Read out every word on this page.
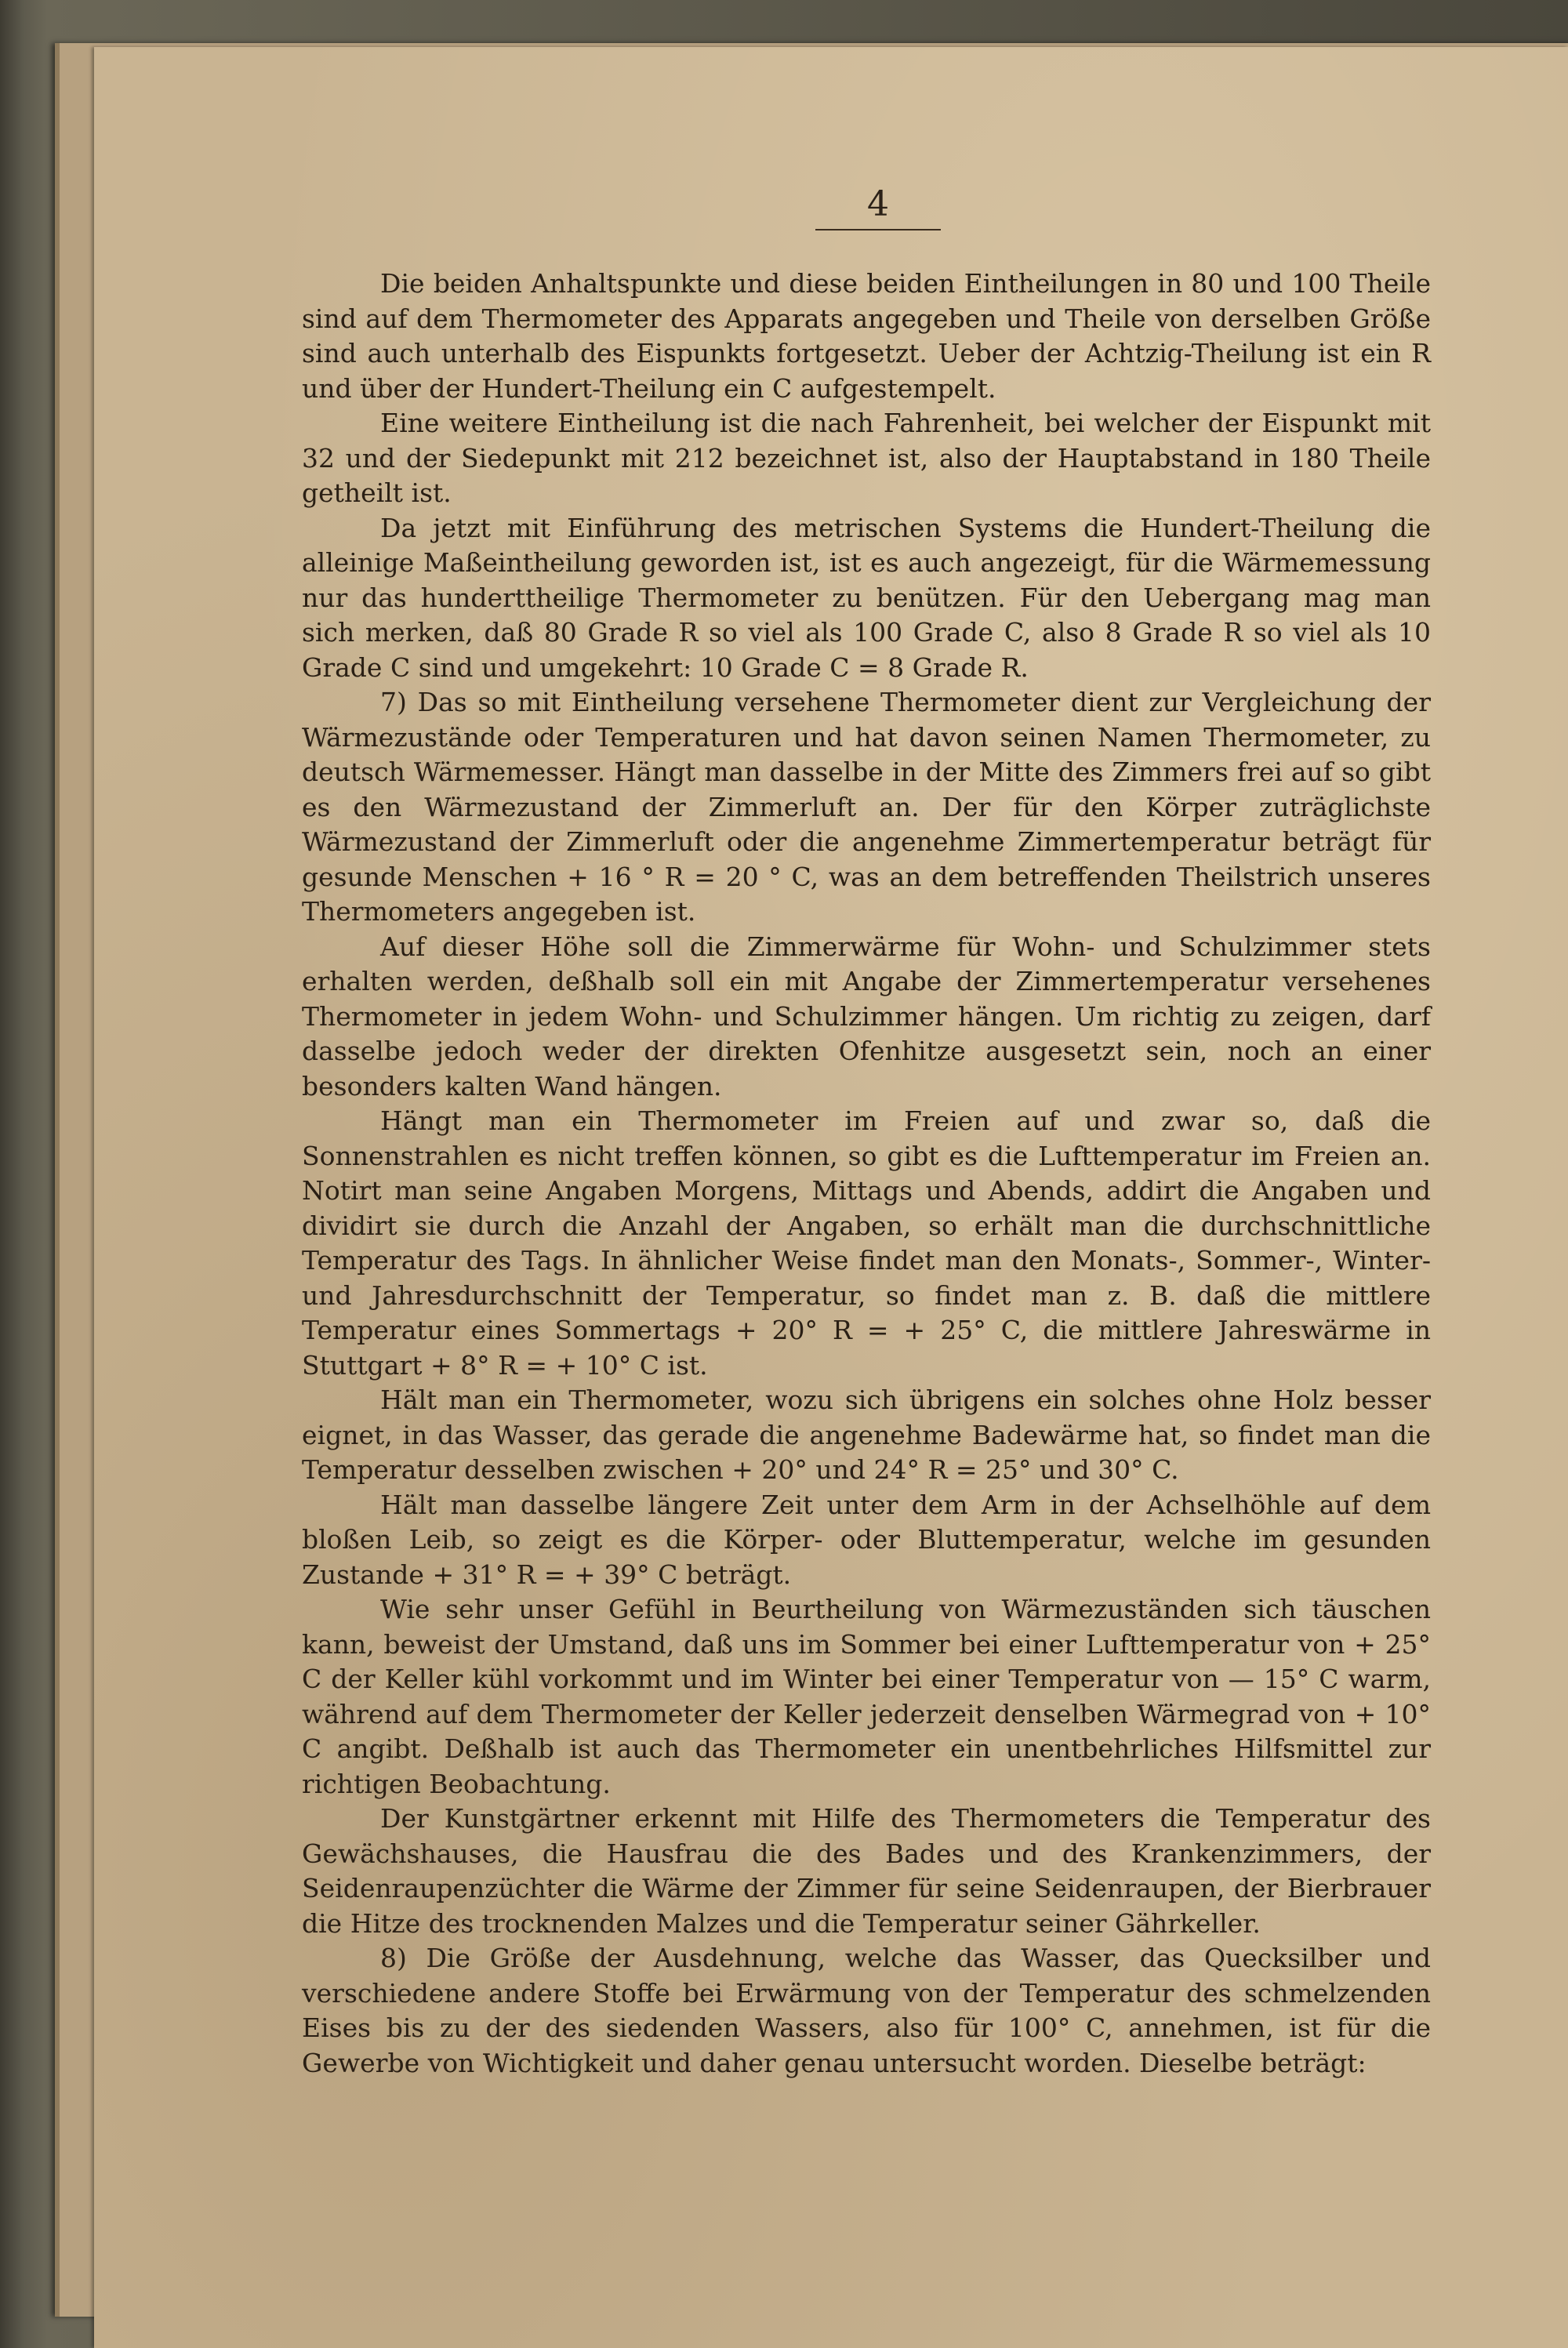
4

Die beiden Anhaltspunkte und diese beiden Eintheilungen in 80 und 100 Theile sind auf dem Thermometer des Apparats angegeben und Theile von derselben Größe sind auch unterhalb des Eispunkts fortgesetzt. Ueber der Achtzig-Theilung ist ein R und über der Hundert-Theilung ein C aufgestempelt.

Eine weitere Eintheilung ist die nach Fahrenheit, bei welcher der Eispunkt mit 32 und der Siedepunkt mit 212 bezeichnet ist, also der Hauptabstand in 180 Theile getheilt ist.

Da jetzt mit Einführung des metrischen Systems die Hundert-Theilung die alleinige Maßeintheilung geworden ist, ist es auch angezeigt, für die Wärmemessung nur das hunderttheilige Thermometer zu benützen. Für den Uebergang mag man sich merken, daß 80 Grade R so viel als 100 Grade C, also 8 Grade R so viel als 10 Grade C sind und umgekehrt: 10 Grade C = 8 Grade R.

7) Das so mit Eintheilung versehene Thermometer dient zur Vergleichung der Wärmezustände oder Temperaturen und hat davon seinen Namen Thermometer, zu deutsch Wärmemesser. Hängt man dasselbe in der Mitte des Zimmers frei auf so gibt es den Wärmezustand der Zimmerluft an. Der für den Körper zuträglichste Wärmezustand der Zimmerluft oder die angenehme Zimmertemperatur beträgt für gesunde Menschen + 16 ° R = 20 ° C, was an dem betreffenden Theilstrich unseres Thermometers angegeben ist.

Auf dieser Höhe soll die Zimmerwärme für Wohn- und Schulzimmer stets erhalten werden, deßhalb soll ein mit Angabe der Zimmertemperatur versehenes Thermometer in jedem Wohn- und Schulzimmer hängen. Um richtig zu zeigen, darf dasselbe jedoch weder der direkten Ofenhitze ausgesetzt sein, noch an einer besonders kalten Wand hängen.

Hängt man ein Thermometer im Freien auf und zwar so, daß die Sonnenstrahlen es nicht treffen können, so gibt es die Lufttemperatur im Freien an. Notirt man seine Angaben Morgens, Mittags und Abends, addirt die Angaben und dividirt sie durch die Anzahl der Angaben, so erhält man die durchschnittliche Temperatur des Tags. In ähnlicher Weise findet man den Monats-, Sommer-, Winter- und Jahresdurchschnitt der Temperatur, so findet man z. B. daß die mittlere Temperatur eines Sommertags + 20° R = + 25° C, die mittlere Jahreswärme in Stuttgart + 8° R = + 10° C ist.

Hält man ein Thermometer, wozu sich übrigens ein solches ohne Holz besser eignet, in das Wasser, das gerade die angenehme Badewärme hat, so findet man die Temperatur desselben zwischen + 20° und 24° R = 25° und 30° C.

Hält man dasselbe längere Zeit unter dem Arm in der Achselhöhle auf dem bloßen Leib, so zeigt es die Körper- oder Bluttemperatur, welche im gesunden Zustande + 31° R = + 39° C beträgt.

Wie sehr unser Gefühl in Beurtheilung von Wärmezuständen sich täuschen kann, beweist der Umstand, daß uns im Sommer bei einer Lufttemperatur von + 25° C der Keller kühl vorkommt und im Winter bei einer Temperatur von — 15° C warm, während auf dem Thermometer der Keller jederzeit denselben Wärmegrad von + 10° C angibt. Deßhalb ist auch das Thermometer ein unentbehrliches Hilfsmittel zur richtigen Beobachtung.

Der Kunstgärtner erkennt mit Hilfe des Thermometers die Temperatur des Gewächshauses, die Hausfrau die des Bades und des Krankenzimmers, der Seidenraupenzüchter die Wärme der Zimmer für seine Seidenraupen, der Bierbrauer die Hitze des trocknenden Malzes und die Temperatur seiner Gährkeller.

8) Die Größe der Ausdehnung, welche das Wasser, das Quecksilber und verschiedene andere Stoffe bei Erwärmung von der Temperatur des schmelzenden Eises bis zu der des siedenden Wassers, also für 100° C, annehmen, ist für die Gewerbe von Wichtigkeit und daher genau untersucht worden. Dieselbe beträgt:
